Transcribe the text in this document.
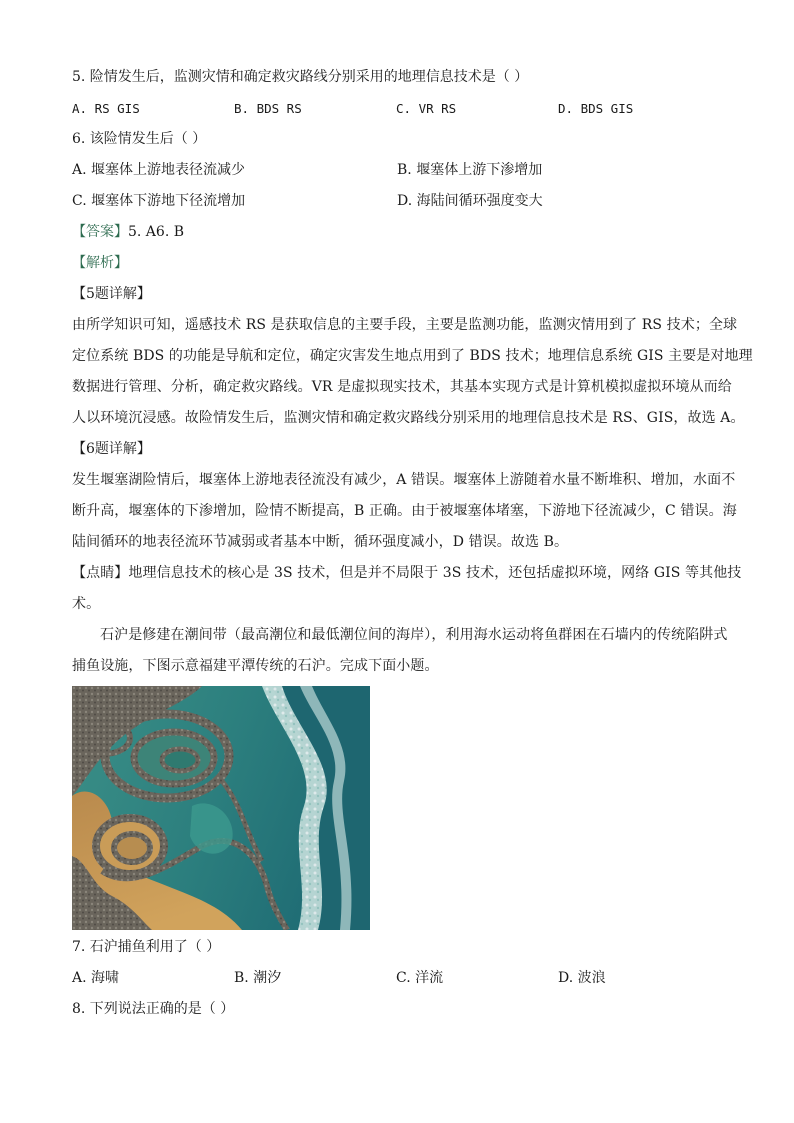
5. 险情发生后，监测灾情和确定救灾路线分别采用的地理信息技术是（ ）
A. RS GIS	B. BDS RS	C. VR RS	D. BDS GIS
6. 该险情发生后（ ）
A. 堰塞体上游地表径流减少	B. 堰塞体上游下渗增加
C. 堰塞体下游地下径流增加	D. 海陆间循环强度变大
【答案】5. A6. B
【解析】
【5题详解】
由所学知识可知，遥感技术 RS 是获取信息的主要手段，主要是监测功能，监测灾情用到了 RS 技术；全球
定位系统 BDS 的功能是导航和定位，确定灾害发生地点用到了 BDS 技术；地理信息系统 GIS 主要是对地理
数据进行管理、分析，确定救灾路线。VR 是虚拟现实技术，其基本实现方式是计算机模拟虚拟环境从而给
人以环境沉浸感。故险情发生后，监测灾情和确定救灾路线分别采用的地理信息技术是 RS、GIS，故选 A。
【6题详解】
发生堰塞湖险情后，堰塞体上游地表径流没有减少，A 错误。堰塞体上游随着水量不断堆积、增加，水面不
断升高，堰塞体的下渗增加，险情不断提高，B 正确。由于被堰塞体堵塞，下游地下径流减少，C 错误。海
陆间循环的地表径流环节减弱或者基本中断，循环强度减小，D 错误。故选 B。
【点睛】地理信息技术的核心是 3S 技术，但是并不局限于 3S 技术，还包括虚拟环境，网络 GIS 等其他技
术。
石沪是修建在潮间带（最高潮位和最低潮位间的海岸），利用海水运动将鱼群困在石墙内的传统陷阱式
捕鱼设施，下图示意福建平潭传统的石沪。完成下面小题。
7. 石沪捕鱼利用了（ ）
A. 海啸	B. 潮汐	C. 洋流	D. 波浪
8. 下列说法正确的是（ ）
